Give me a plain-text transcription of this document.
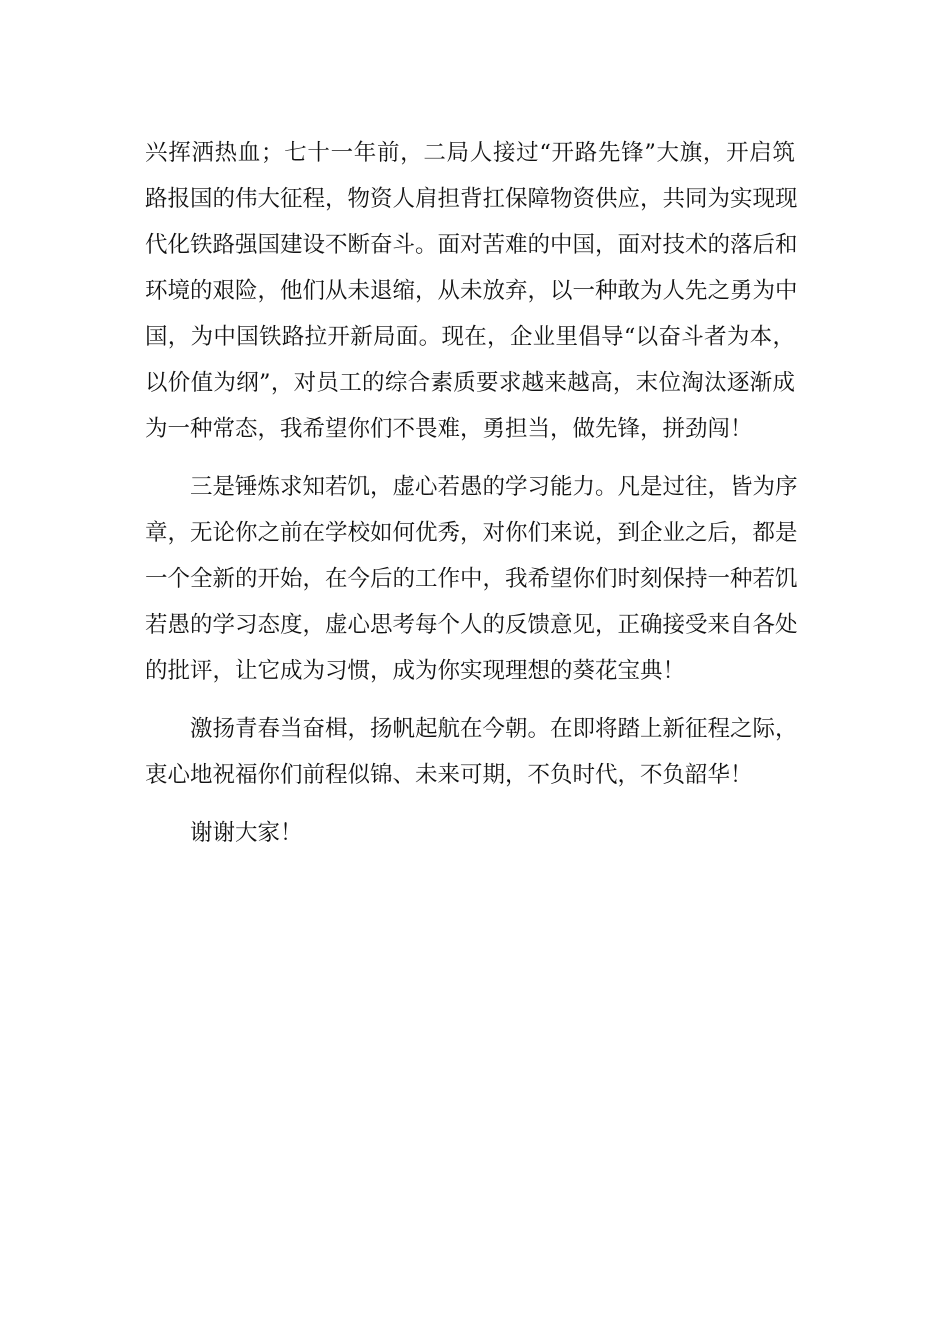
兴挥洒热血；七十一年前，二局人接过“开路先锋”大旗，开启筑
路报国的伟大征程，物资人肩担背扛保障物资供应，共同为实现现
代化铁路强国建设不断奋斗。面对苦难的中国，面对技术的落后和
环境的艰险，他们从未退缩，从未放弃，以一种敢为人先之勇为中
国，为中国铁路拉开新局面。现在，企业里倡导“以奋斗者为本，
以价值为纲”，对员工的综合素质要求越来越高，末位淘汰逐渐成
为一种常态，我希望你们不畏难，勇担当，做先锋，拼劲闯！
三是锤炼求知若饥，虚心若愚的学习能力。凡是过往，皆为序
章，无论你之前在学校如何优秀，对你们来说，到企业之后，都是
一个全新的开始，在今后的工作中，我希望你们时刻保持一种若饥
若愚的学习态度，虚心思考每个人的反馈意见，正确接受来自各处
的批评，让它成为习惯，成为你实现理想的葵花宝典！
激扬青春当奋楫，扬帆起航在今朝。在即将踏上新征程之际，
衷心地祝福你们前程似锦、未来可期，不负时代，不负韶华！
谢谢大家！
